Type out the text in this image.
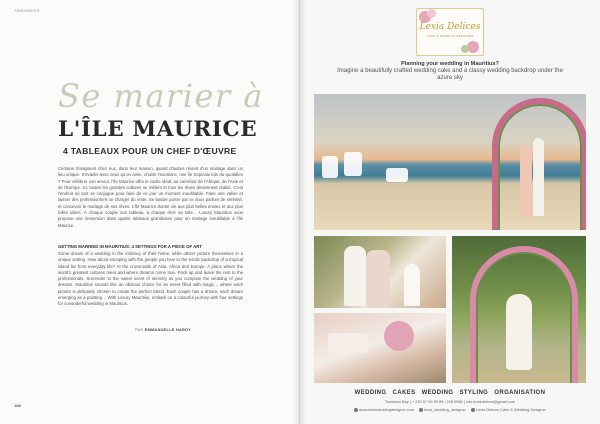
TENDANCES
Se marier à
L'ÎLE MAURICE
4 TABLEAUX POUR UN CHEF D'ŒUVRE

Certains l'imaginent chez eux, dans leur maison, quand d'autres rêvent d'un mariage dans un lieu unique. S'évader avec ceux qu'on aime, choisir l'exotisme, une île tropicale loin du quotidien ? Pour célébrer son amour, l'île Maurice offre le cadre idéal, au carrefour de l'Afrique, de l'Asie et de l'Europe. Ici, toutes les grandes cultures se mêlent et tous les rêves deviennent réalité. C'est l'endroit où tout se conjugue pour faire de ce jour un moment inoubliable. Faire une valise et laisser des professionnels se charger du reste. Se laisser porter par ce doux parfum de sérénité, et concevoir le mariage de ses rêves. L'île Maurice donne vie aux plus belles envies et aux plus folles idées. À chaque couple son tableau, à chaque rêve sa toile… Luxury Mauritius vous propose une immersion dans quatre tableaux grandioses pour un mariage inoubliable à l'île Maurice.

GETTING MARRIED IN MAURITIUS: 4 SETTINGS FOR A PIECE OF ART

Some dream of a wedding in the intimacy of their home, while others picture themselves in a unique setting. How about escaping with the people you love to the exotic backdrop of a tropical island far from everyday life? At the crossroads of Asia, Africa and Europe. A place where the world's greatest cultures meet and where dreams come true. Pack up and leave the rest to the professionals. Surrender to the sweet scent of serenity as you compose the wedding of your dreams. Mauritius sounds like an obvious choice for an event filled with magic… where each picture is delicately chosen to create the perfect blend. Each couple has a dream, each dream emerging as a painting… With Luxury Mauritius, embark on a colourful journey with four settings for a wonderful wedding in Mauritius.

PAR EMMANUELLE HARDY
108
Lexia Delices
CAKE & WEDDING DESIGNER
Planning your wedding in Mauritius?
Imagine a beautifully crafted wedding cake and a classy wedding backdrop under the azure sky
WEDDING CAKES WEDDING STYLING ORGANISATION
Tombeau Bay | + 230 57 95 95 89 / 226 0980 | info.lexiadelices@gmail.com
www.lexiaweddingdesigner.com	lexia_wedding_designer	Lexia Delices Cake & Wedding Designer
